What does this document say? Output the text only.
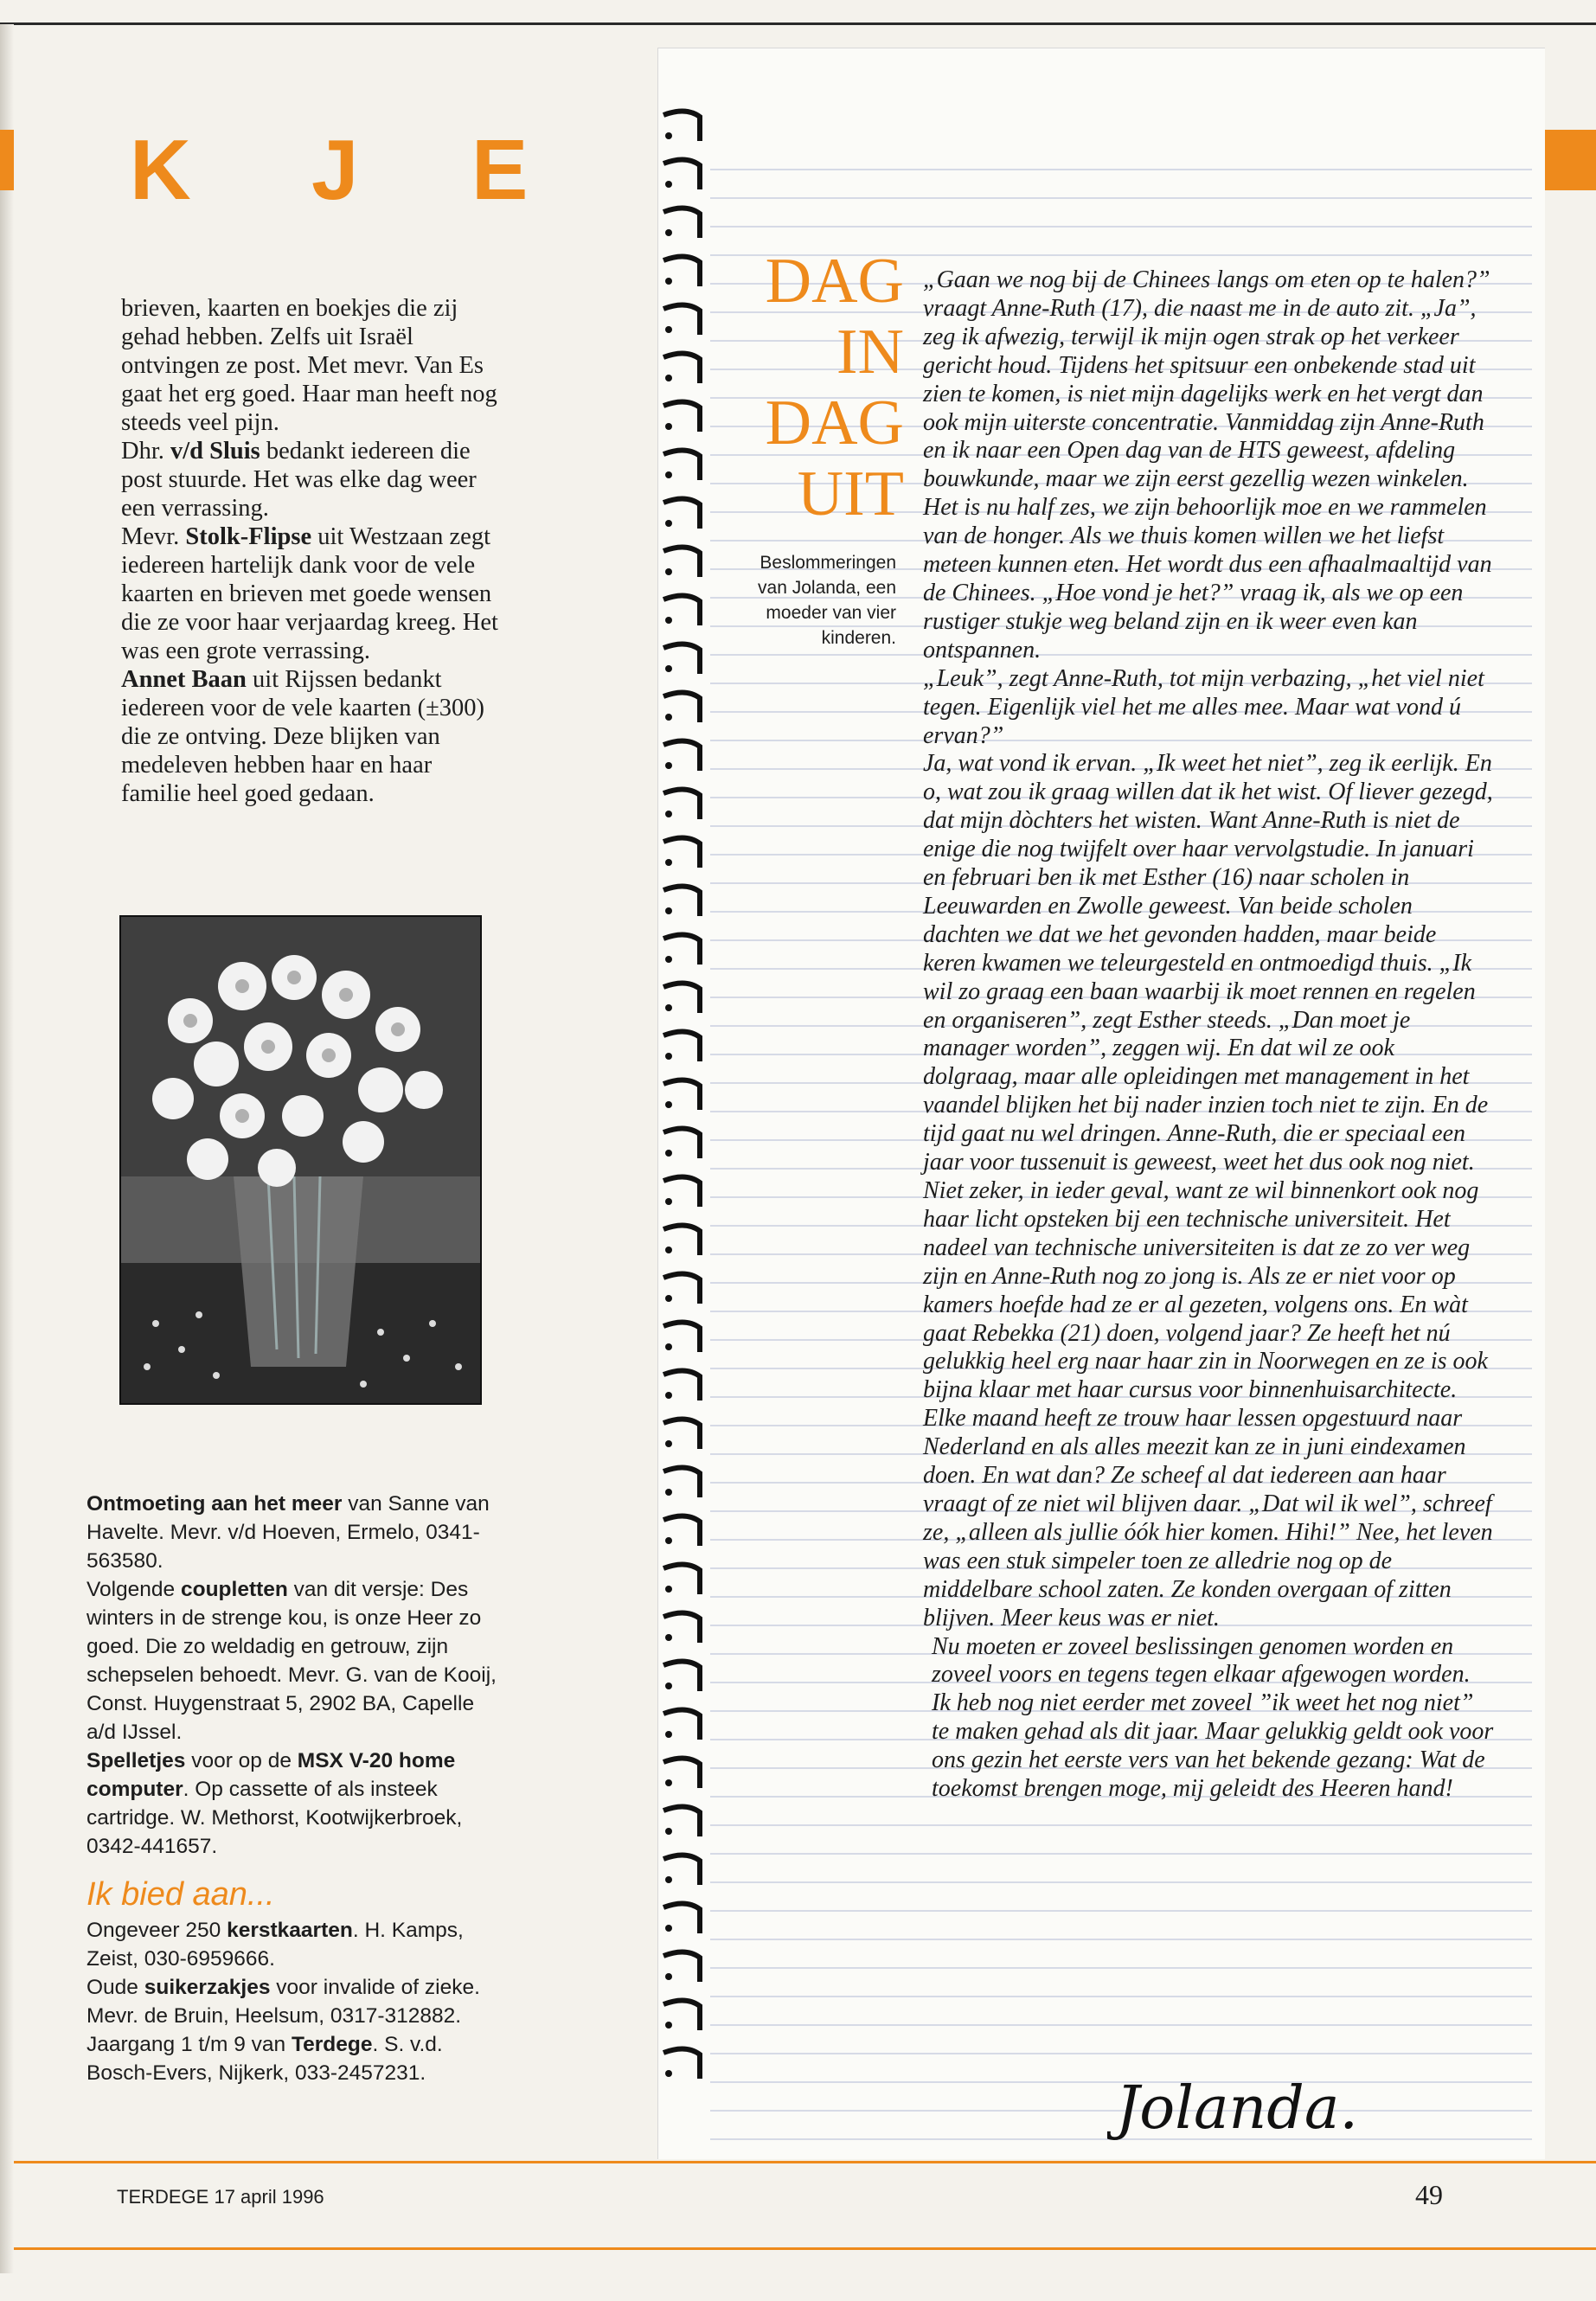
K J E

brieven, kaarten en boekjes die zij gehad hebben. Zelfs uit Israël ontvingen ze post. Met mevr. Van Es gaat het erg goed. Haar man heeft nog steeds veel pijn.

Dhr. v/d Sluis bedankt iedereen die post stuurde. Het was elke dag weer een verrassing.

Mevr. Stolk-Flipse uit Westzaan zegt iedereen hartelijk dank voor de vele kaarten en brieven met goede wensen die ze voor haar verjaardag kreeg. Het was een grote verrassing.

Annet Baan uit Rijssen bedankt iedereen voor de vele kaarten (±300) die ze ontving. Deze blijken van medeleven hebben haar en haar familie heel goed gedaan.

Ontmoeting aan het meer van Sanne van Havelte. Mevr. v/d Hoeven, Ermelo, 0341-563580.

Volgende coupletten van dit versje: Des winters in de strenge kou, is onze Heer zo goed. Die zo weldadig en getrouw, zijn schepselen behoedt. Mevr. G. van de Kooij, Const. Huygenstraat 5, 2902 BA, Capelle a/d IJssel.

Spelletjes voor op de MSX V-20 home computer. Op cassette of als insteek cartridge. W. Methorst, Kootwijkerbroek, 0342-441657.

Ik bied aan...

Ongeveer 250 kerstkaarten. H. Kamps, Zeist, 030-6959666.

Oude suikerzakjes voor invalide of zieke. Mevr. de Bruin, Heelsum, 0317-312882.

Jaargang 1 t/m 9 van Terdege. S. v.d. Bosch-Evers, Nijkerk, 033-2457231.

DAG
IN
DAG
UIT
Beslommeringen van Jolanda, een moeder van vier kinderen.

„Gaan we nog bij de Chinees langs om eten op te halen?” vraagt Anne-Ruth (17), die naast me in de auto zit. „Ja”, zeg ik afwezig, terwijl ik mijn ogen strak op het verkeer gericht houd. Tijdens het spitsuur een onbekende stad uit zien te komen, is niet mijn dagelijks werk en het vergt dan ook mijn uiterste concentratie. Vanmiddag zijn Anne-Ruth en ik naar een Open dag van de HTS geweest, afdeling bouwkunde, maar we zijn eerst gezellig wezen winkelen. Het is nu half zes, we zijn behoorlijk moe en we rammelen van de honger. Als we thuis komen willen we het liefst meteen kunnen eten. Het wordt dus een afhaalmaaltijd van de Chinees. „Hoe vond je het?” vraag ik, als we op een rustiger stukje weg beland zijn en ik weer even kan ontspannen.

„Leuk”, zegt Anne-Ruth, tot mijn verbazing, „het viel niet tegen. Eigenlijk viel het me alles mee. Maar wat vond ú ervan?”

Ja, wat vond ik ervan. „Ik weet het niet”, zeg ik eerlijk. En o, wat zou ik graag willen dat ik het wist. Of liever gezegd, dat mijn dòchters het wisten. Want Anne-Ruth is niet de enige die nog twijfelt over haar vervolgstudie. In januari en februari ben ik met Esther (16) naar scholen in Leeuwarden en Zwolle geweest. Van beide scholen dachten we dat we het gevonden hadden, maar beide keren kwamen we teleurgesteld en ontmoedigd thuis. „Ik wil zo graag een baan waarbij ik moet rennen en regelen en organiseren”, zegt Esther steeds. „Dan moet je manager worden”, zeggen wij. En dat wil ze ook dolgraag, maar alle opleidingen met management in het vaandel blijken het bij nader inzien toch niet te zijn. En de tijd gaat nu wel dringen. Anne-Ruth, die er speciaal een jaar voor tussenuit is geweest, weet het dus ook nog niet. Niet zeker, in ieder geval, want ze wil binnenkort ook nog haar licht opsteken bij een technische universiteit. Het nadeel van technische universiteiten is dat ze zo ver weg zijn en Anne-Ruth nog zo jong is. Als ze er niet voor op kamers hoefde had ze er al gezeten, volgens ons. En wàt gaat Rebekka (21) doen, volgend jaar? Ze heeft het nú gelukkig heel erg naar haar zin in Noorwegen en ze is ook bijna klaar met haar cursus voor binnenhuisarchitecte. Elke maand heeft ze trouw haar lessen opgestuurd naar Nederland en als alles meezit kan ze in juni eindexamen doen. En wat dan? Ze scheef al dat iedereen aan haar vraagt of ze niet wil blijven daar. „Dat wil ik wel”, schreef ze, „alleen als jullie óók hier komen. Hihi!” Nee, het leven was een stuk simpeler toen ze alledrie nog op de middelbare school zaten. Ze konden overgaan of zitten blijven. Meer keus was er niet.

Nu moeten er zoveel beslissingen genomen worden en zoveel voors en tegens tegen elkaar afgewogen worden. Ik heb nog niet eerder met zoveel ”ik weet het nog niet” te maken gehad als dit jaar. Maar gelukkig geldt ook voor ons gezin het eerste vers van het bekende gezang: Wat de toekomst brengen moge, mij geleidt des Heeren hand!

Jolanda.
TERDEGE 17 april 1996	49
